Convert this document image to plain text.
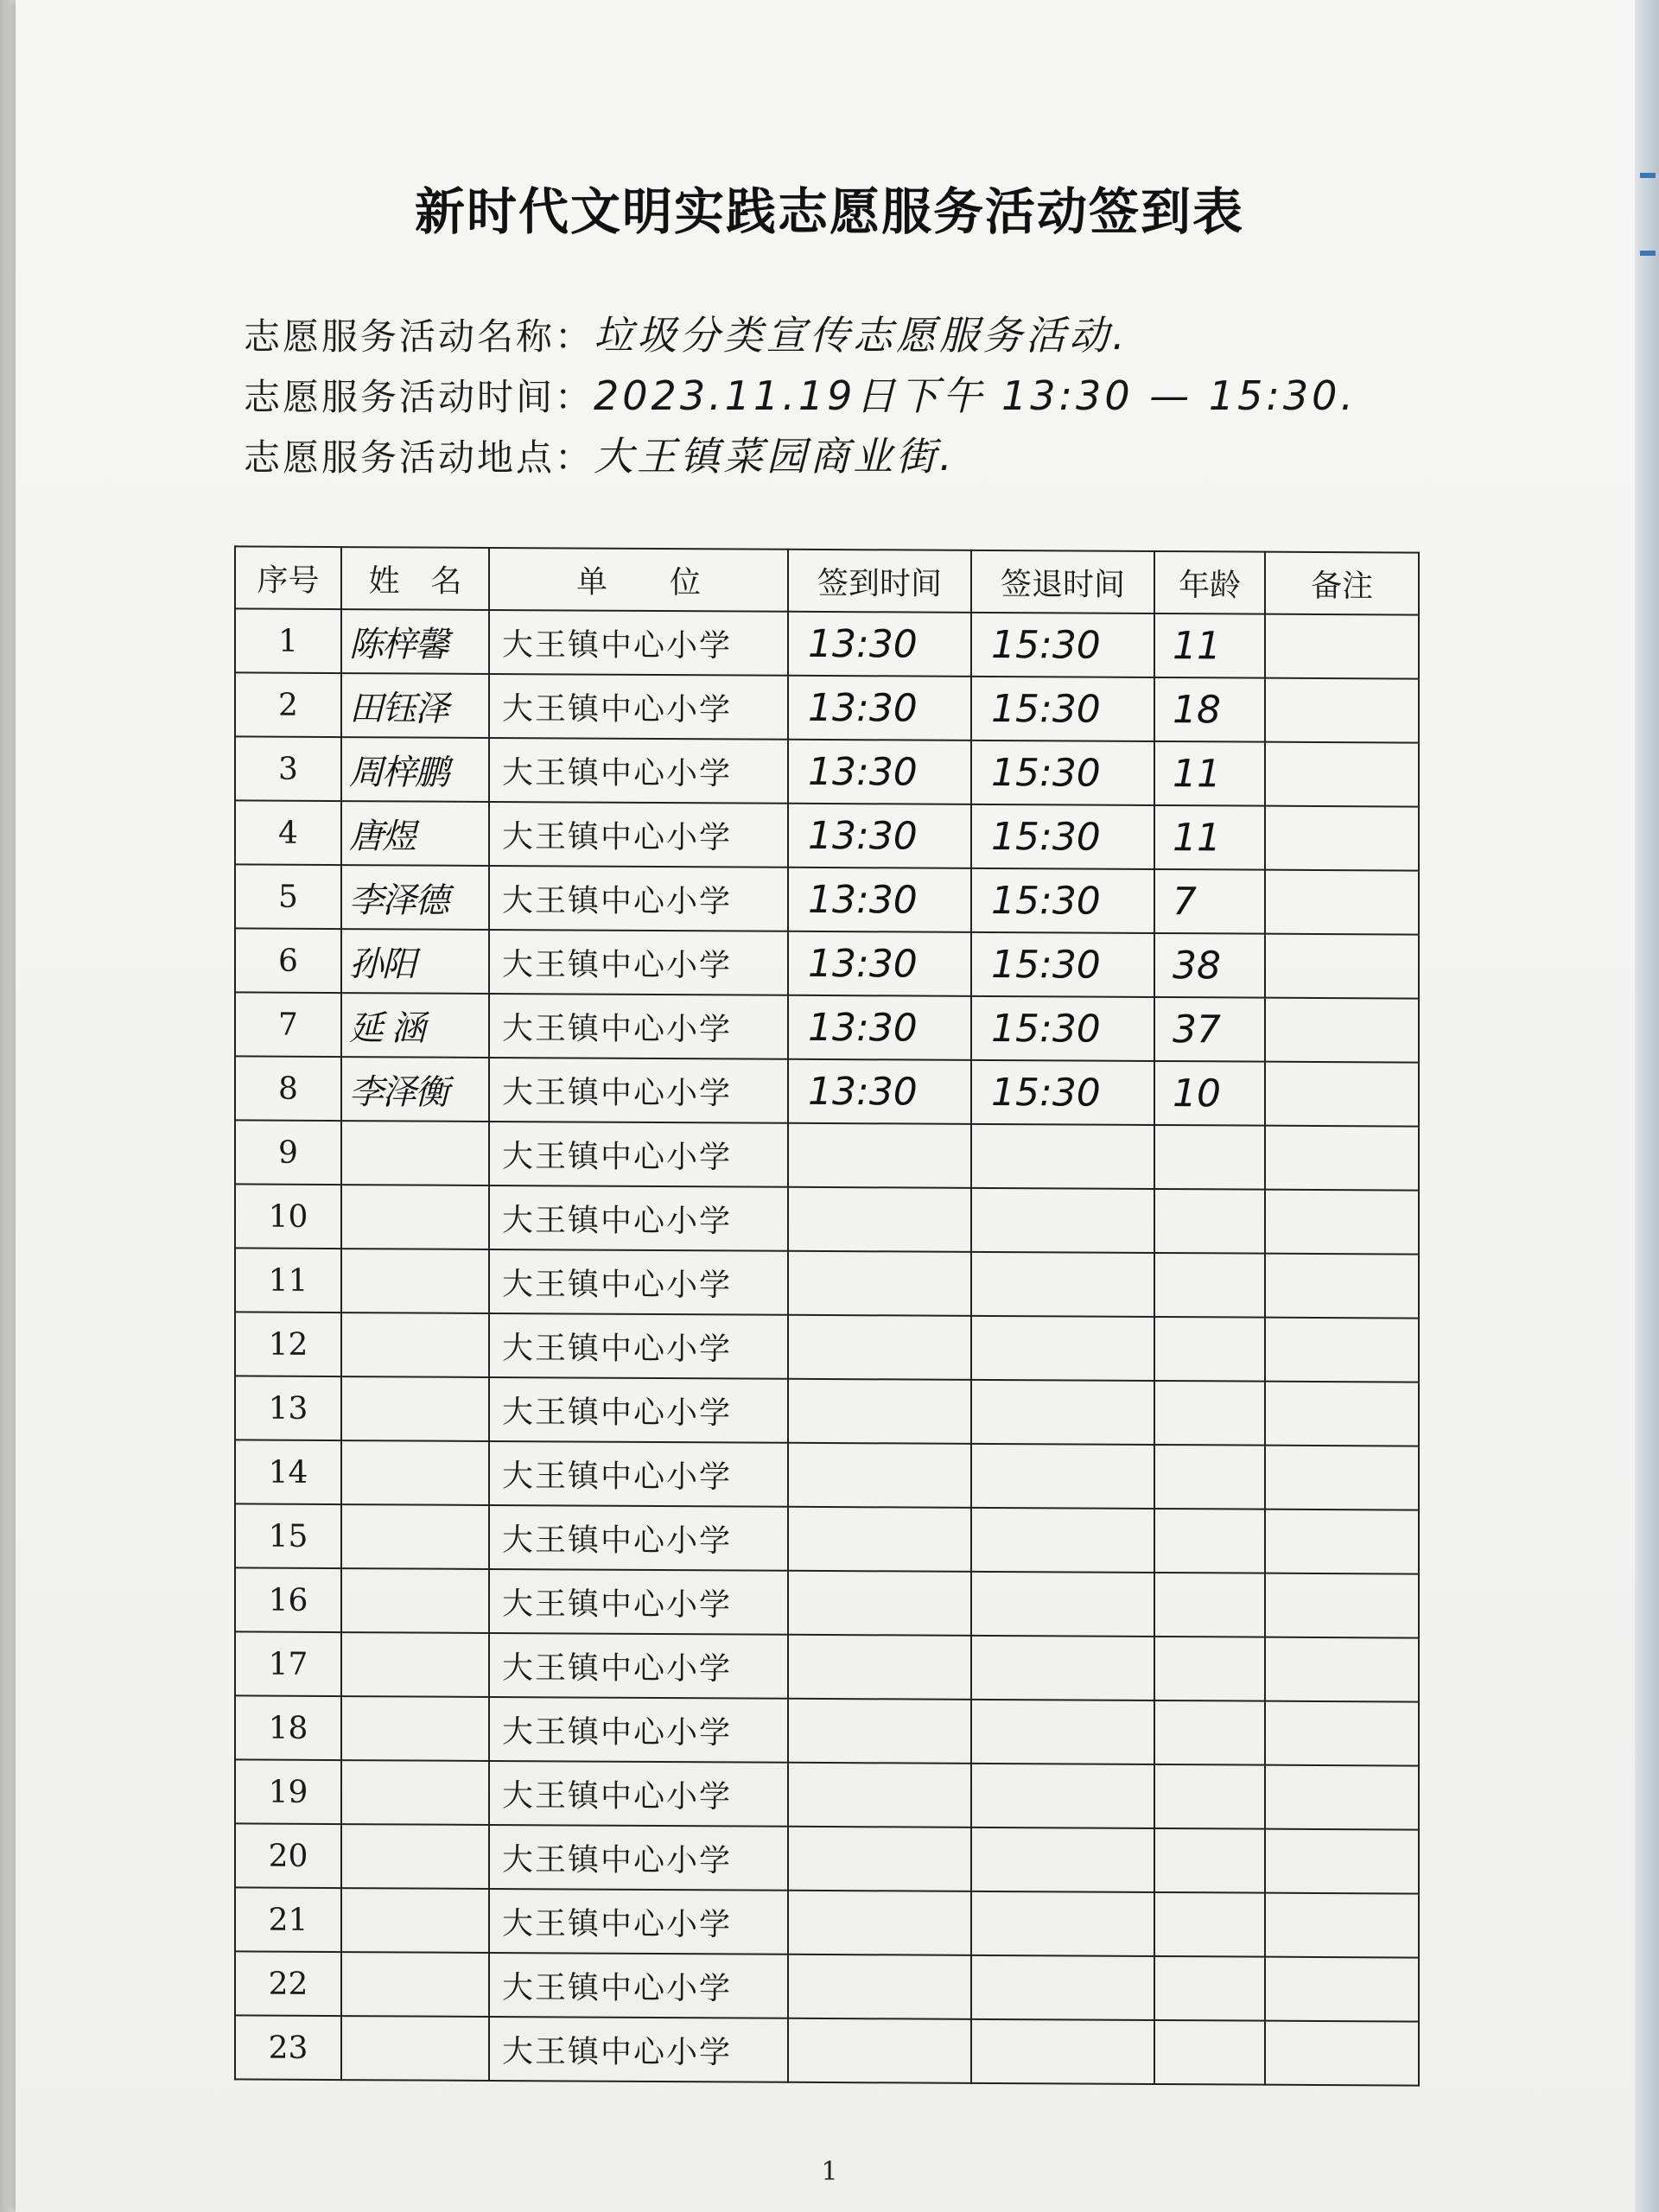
新时代文明实践志愿服务活动签到表
志愿服务活动名称：垃圾分类宣传志愿服务活动.
志愿服务活动时间：2023.11.19日下午 13:30 — 15:30.
志愿服务活动地点：大王镇菜园商业街.
序号	姓　名	单　　位	签到时间	签退时间	年龄	备注
1	陈梓馨	大王镇中心小学	13:30	15:30	11	
2	田钰泽	大王镇中心小学	13:30	15:30	18	
3	周梓鹏	大王镇中心小学	13:30	15:30	11	
4	唐煜	大王镇中心小学	13:30	15:30	11	
5	李泽德	大王镇中心小学	13:30	15:30	7	
6	孙阳	大王镇中心小学	13:30	15:30	38	
7	延 涵	大王镇中心小学	13:30	15:30	37	
8	李泽衡	大王镇中心小学	13:30	15:30	10	
9		大王镇中心小学				
10		大王镇中心小学				
11		大王镇中心小学				
12		大王镇中心小学				
13		大王镇中心小学				
14		大王镇中心小学				
15		大王镇中心小学				
16		大王镇中心小学				
17		大王镇中心小学				
18		大王镇中心小学				
19		大王镇中心小学				
20		大王镇中心小学				
21		大王镇中心小学				
22		大王镇中心小学				
23		大王镇中心小学				
1
